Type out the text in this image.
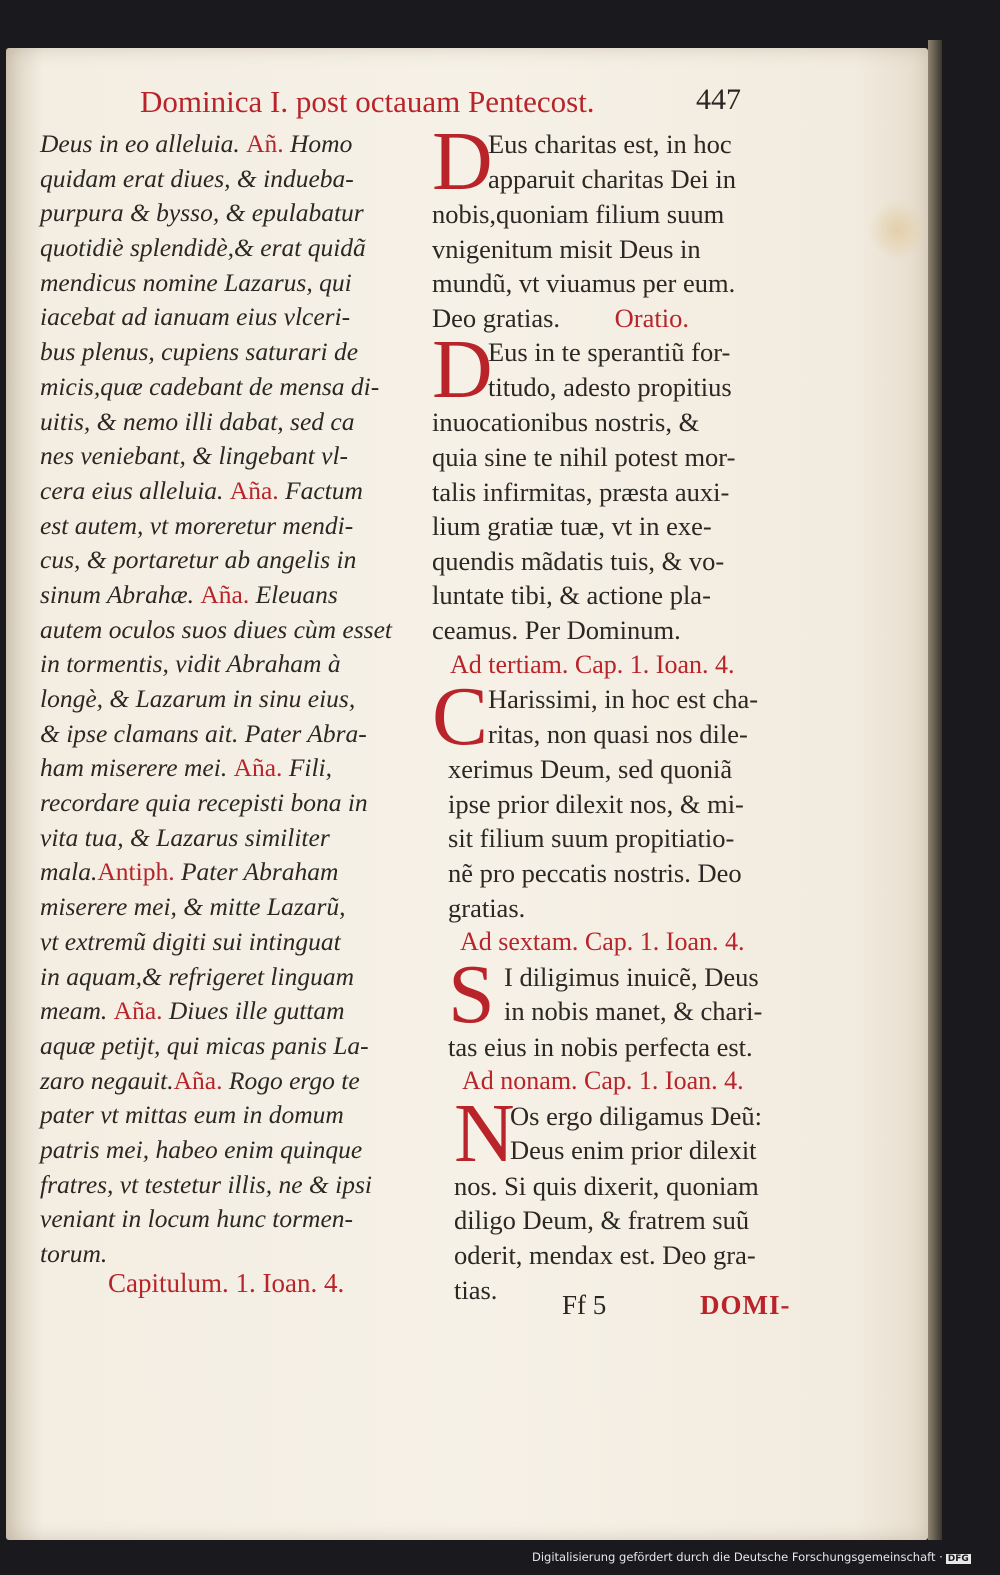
Dominica I. post octauam Pentecost.	447
Deus in eo alleluia. Añ. Homo
quidam erat diues, & indueba-
purpura & bysso, & epulabatur
quotidiè splendidè,& erat quidã
mendicus nomine Lazarus, qui
iacebat ad ianuam eius vlceri-
bus plenus, cupiens saturari de
micis,quæ cadebant de mensa di-
uitis, & nemo illi dabat, sed ca
nes veniebant, & lingebant vl-
cera eius alleluia. Aña. Factum
est autem, vt moreretur mendi-
cus, & portaretur ab angelis in
sinum Abrahæ. Aña. Eleuans
autem oculos suos diues cùm esset
in tormentis, vidit Abraham à
longè, & Lazarum in sinu eius,
& ipse clamans ait. Pater Abra-
ham miserere mei. Aña. Fili,
recordare quia recepisti bona in
vita tua, & Lazarus similiter
mala.Antiph. Pater Abraham
miserere mei, & mitte Lazarũ,
vt extremũ digiti sui intinguat
in aquam,& refrigeret linguam
meam. Aña. Diues ille guttam
aquæ petijt, qui micas panis La-
zaro negauit.Aña. Rogo ergo te
pater vt mittas eum in domum
patris mei, habeo enim quinque
fratres, vt testetur illis, ne & ipsi
veniant in locum hunc tormen-
torum.
Capitulum. 1. Ioan. 4.
D
Eus charitas est, in hoc
apparuit charitas Dei in
nobis,quoniam filium suum
vnigenitum misit Deus in
mundũ, vt viuamus per eum.
Deo gratias. Oratio.
D
Eus in te sperantiũ for-
titudo, adesto propitius
inuocationibus nostris, &
quia sine te nihil potest mor-
talis infirmitas, præsta auxi-
lium gratiæ tuæ, vt in exe-
quendis mãdatis tuis, & vo-
luntate tibi, & actione pla-
ceamus. Per Dominum.
Ad tertiam. Cap. 1. Ioan. 4.
C Harissimi, in hoc est cha-
ritas, non quasi nos dile-
xerimus Deum, sed quoniã
ipse prior dilexit nos, & mi-
sit filium suum propitiatio-
nẽ pro peccatis nostris. Deo
gratias.
Ad sextam. Cap. 1. Ioan. 4.
S I diligimus inuicẽ, Deus
in nobis manet, & chari-
tas eius in nobis perfecta est.
Ad nonam. Cap. 1. Ioan. 4.
N
Os ergo diligamus Deũ:
Deus enim prior dilexit
nos. Si quis dixerit, quoniam
diligo Deum, & fratrem suũ
oderit, mendax est. Deo gra-
tias.
Ff 5	DOMI-
Digitalisierung gefördert durch die Deutsche Forschungsgemeinschaft · DFG
